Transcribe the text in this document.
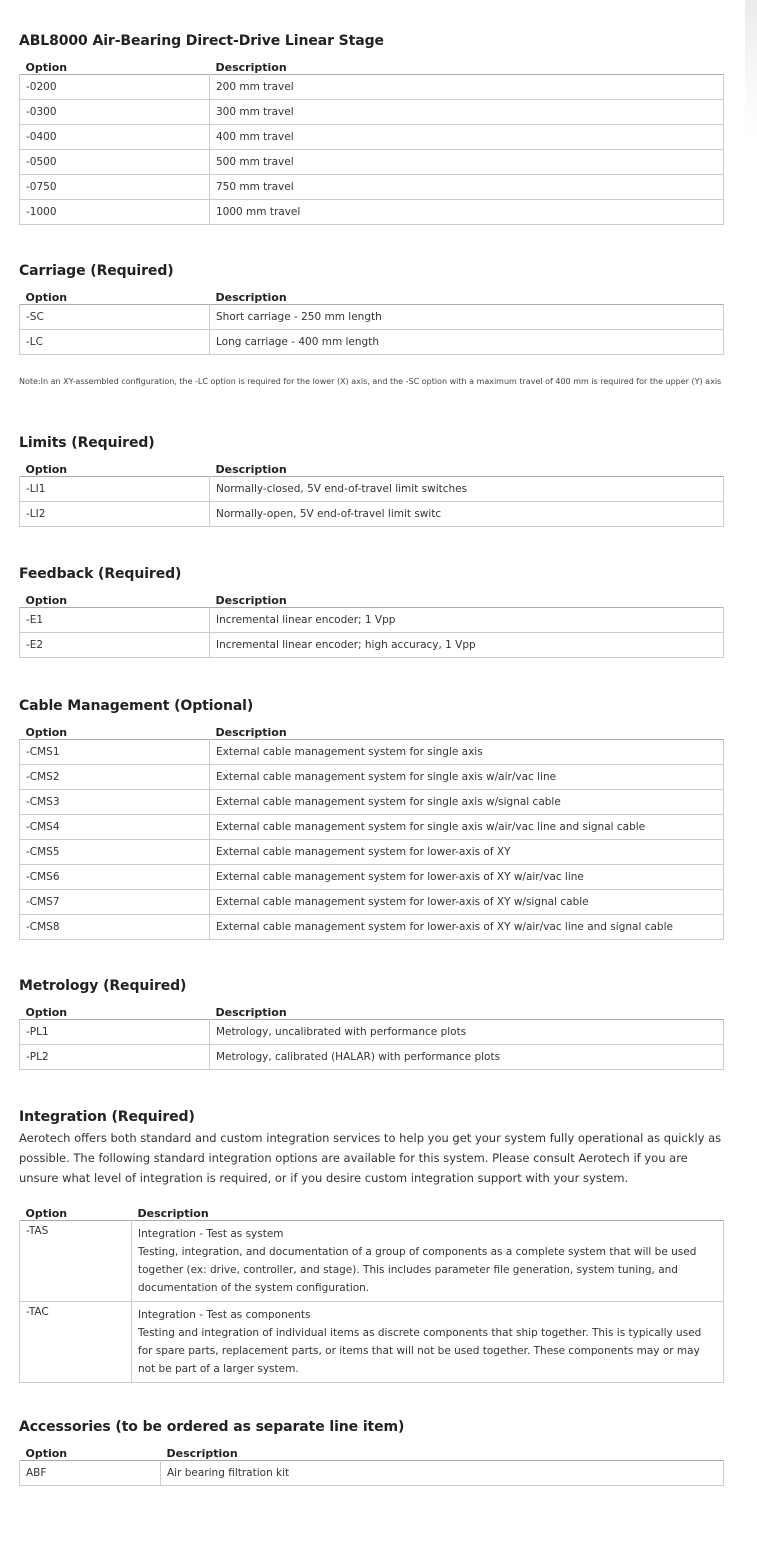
ABL8000 Air-Bearing Direct-Drive Linear Stage
Option	Description
-0200	200 mm travel
-0300	300 mm travel
-0400	400 mm travel
-0500	500 mm travel
-0750	750 mm travel
-1000	1000 mm travel
Carriage (Required)
Option	Description
-SC	Short carriage - 250 mm length
-LC	Long carriage - 400 mm length
Note:In an XY-assembled configuration, the -LC option is required for the lower (X) axis, and the -SC option with a maximum travel of 400 mm is required for the upper (Y) axis
Limits (Required)
Option	Description
-LI1	Normally-closed, 5V end-of-travel limit switches
-LI2	Normally-open, 5V end-of-travel limit switc
Feedback (Required)
Option	Description
-E1	Incremental linear encoder; 1 Vpp
-E2	Incremental linear encoder; high accuracy, 1 Vpp
Cable Management (Optional)
Option	Description
-CMS1	External cable management system for single axis
-CMS2	External cable management system for single axis w/air/vac line
-CMS3	External cable management system for single axis w/signal cable
-CMS4	External cable management system for single axis w/air/vac line and signal cable
-CMS5	External cable management system for lower-axis of XY
-CMS6	External cable management system for lower-axis of XY w/air/vac line
-CMS7	External cable management system for lower-axis of XY w/signal cable
-CMS8	External cable management system for lower-axis of XY w/air/vac line and signal cable
Metrology (Required)
Option	Description
-PL1	Metrology, uncalibrated with performance plots
-PL2	Metrology, calibrated (HALAR) with performance plots
Integration (Required)

Aerotech offers both standard and custom integration services to help you get your system fully operational as quickly as possible. The following standard integration options are available for this system. Please consult Aerotech if you are unsure what level of integration is required, or if you desire custom integration support with your system.

Option	Description
-TAS	Integration - Test as system
Testing, integration, and documentation of a group of components as a complete system that will be used together (ex: drive, controller, and stage). This includes parameter file generation, system tuning, and documentation of the system configuration.

-TAC	Integration - Test as components
Testing and integration of individual items as discrete components that ship together. This is typically used for spare parts, replacement parts, or items that will not be used together. These components may or may not be part of a larger system.
Accessories (to be ordered as separate line item)
Option	Description
ABF	Air bearing filtration kit
